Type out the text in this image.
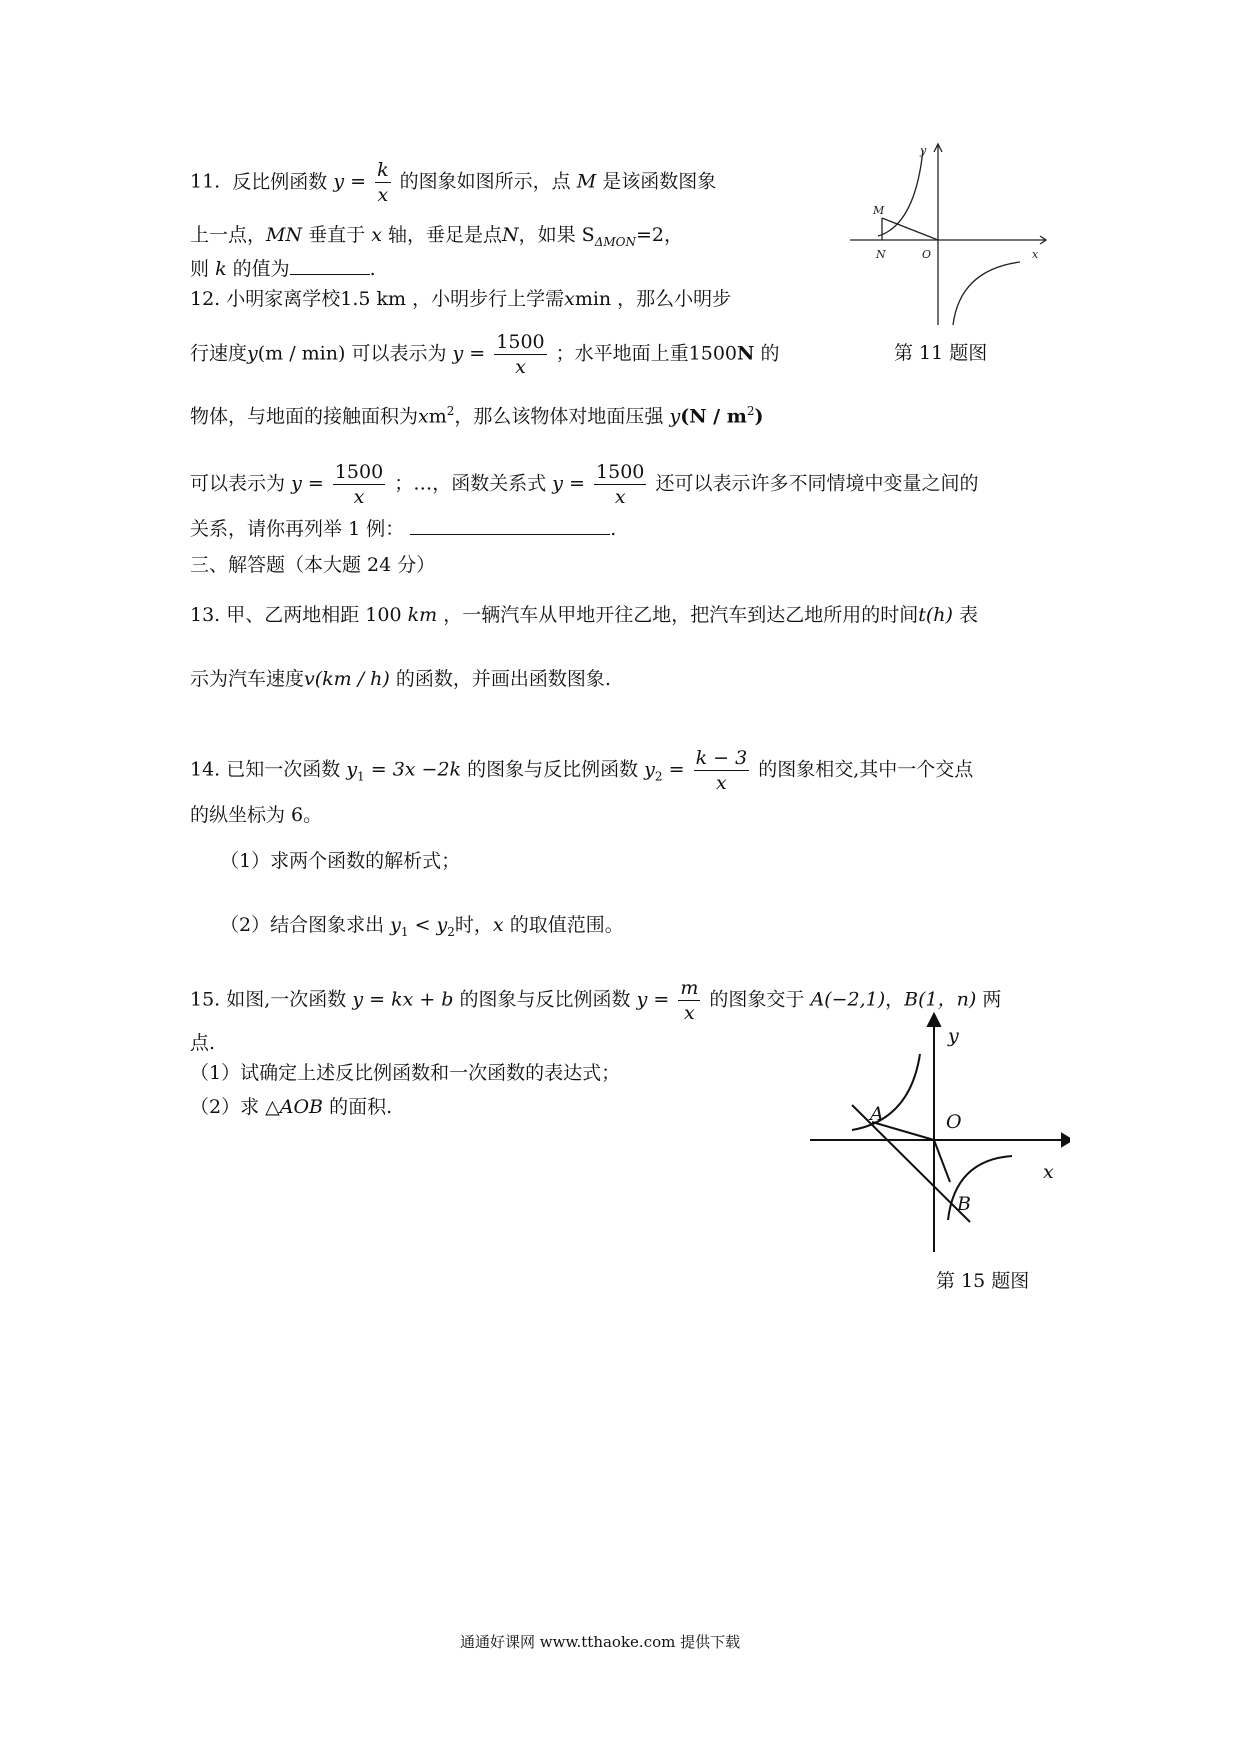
11. 反比例函数 $y = \frac{k}{x}$ 的图象如图所示，点 M 是该函数图象
上一点，MN 垂直于 x 轴，垂足是点N，如果 $S_{\Delta MON}=2$，
则 k 的值为	.
y
x
M
N	O
第 11 题图
12. 小明家离学校1.5 km ，小明步行上学需xmin ，那么小明步
行速度y(m / min) 可以表示为 $y = \frac{1500}{x}$ ；水平地面上重1500N 的
物体，与地面的接触面积为$xm^2$，那么该物体对地面压强 $y(N / m^2)$
可以表示为 $y = \frac{1500}{x}$ ；…，函数关系式 $y = \frac{1500}{x}$ 还可以表示许多不同情境中变量之间的
关系，请你再列举 1 例：	.
三、解答题（本大题 24 分）
13. 甲、乙两地相距 100 km ，一辆汽车从甲地开往乙地，把汽车到达乙地所用的时间t(h) 表
示为汽车速度v(km / h) 的函数，并画出函数图象.
14. 已知一次函数 $y_1 = 3x -2k$ 的图象与反比例函数 $y_2 = \frac{k - 3}{x}$ 的图象相交,其中一个交点
的纵坐标为 6。
（1）求两个函数的解析式；
（2）结合图象求出 $y_1 < y_2$时，x 的取值范围。
15. 如图,一次函数 y = kx + b 的图象与反比例函数 $y = \frac{m}{x}$ 的图象交于 A(−2,1)，B(1，n) 两
点.
（1）试确定上述反比例函数和一次函数的表达式；
（2）求 △AOB 的面积.
y
x
A
B
O
第 15 题图
通通好课网 www.tthaoke.com 提供下载
